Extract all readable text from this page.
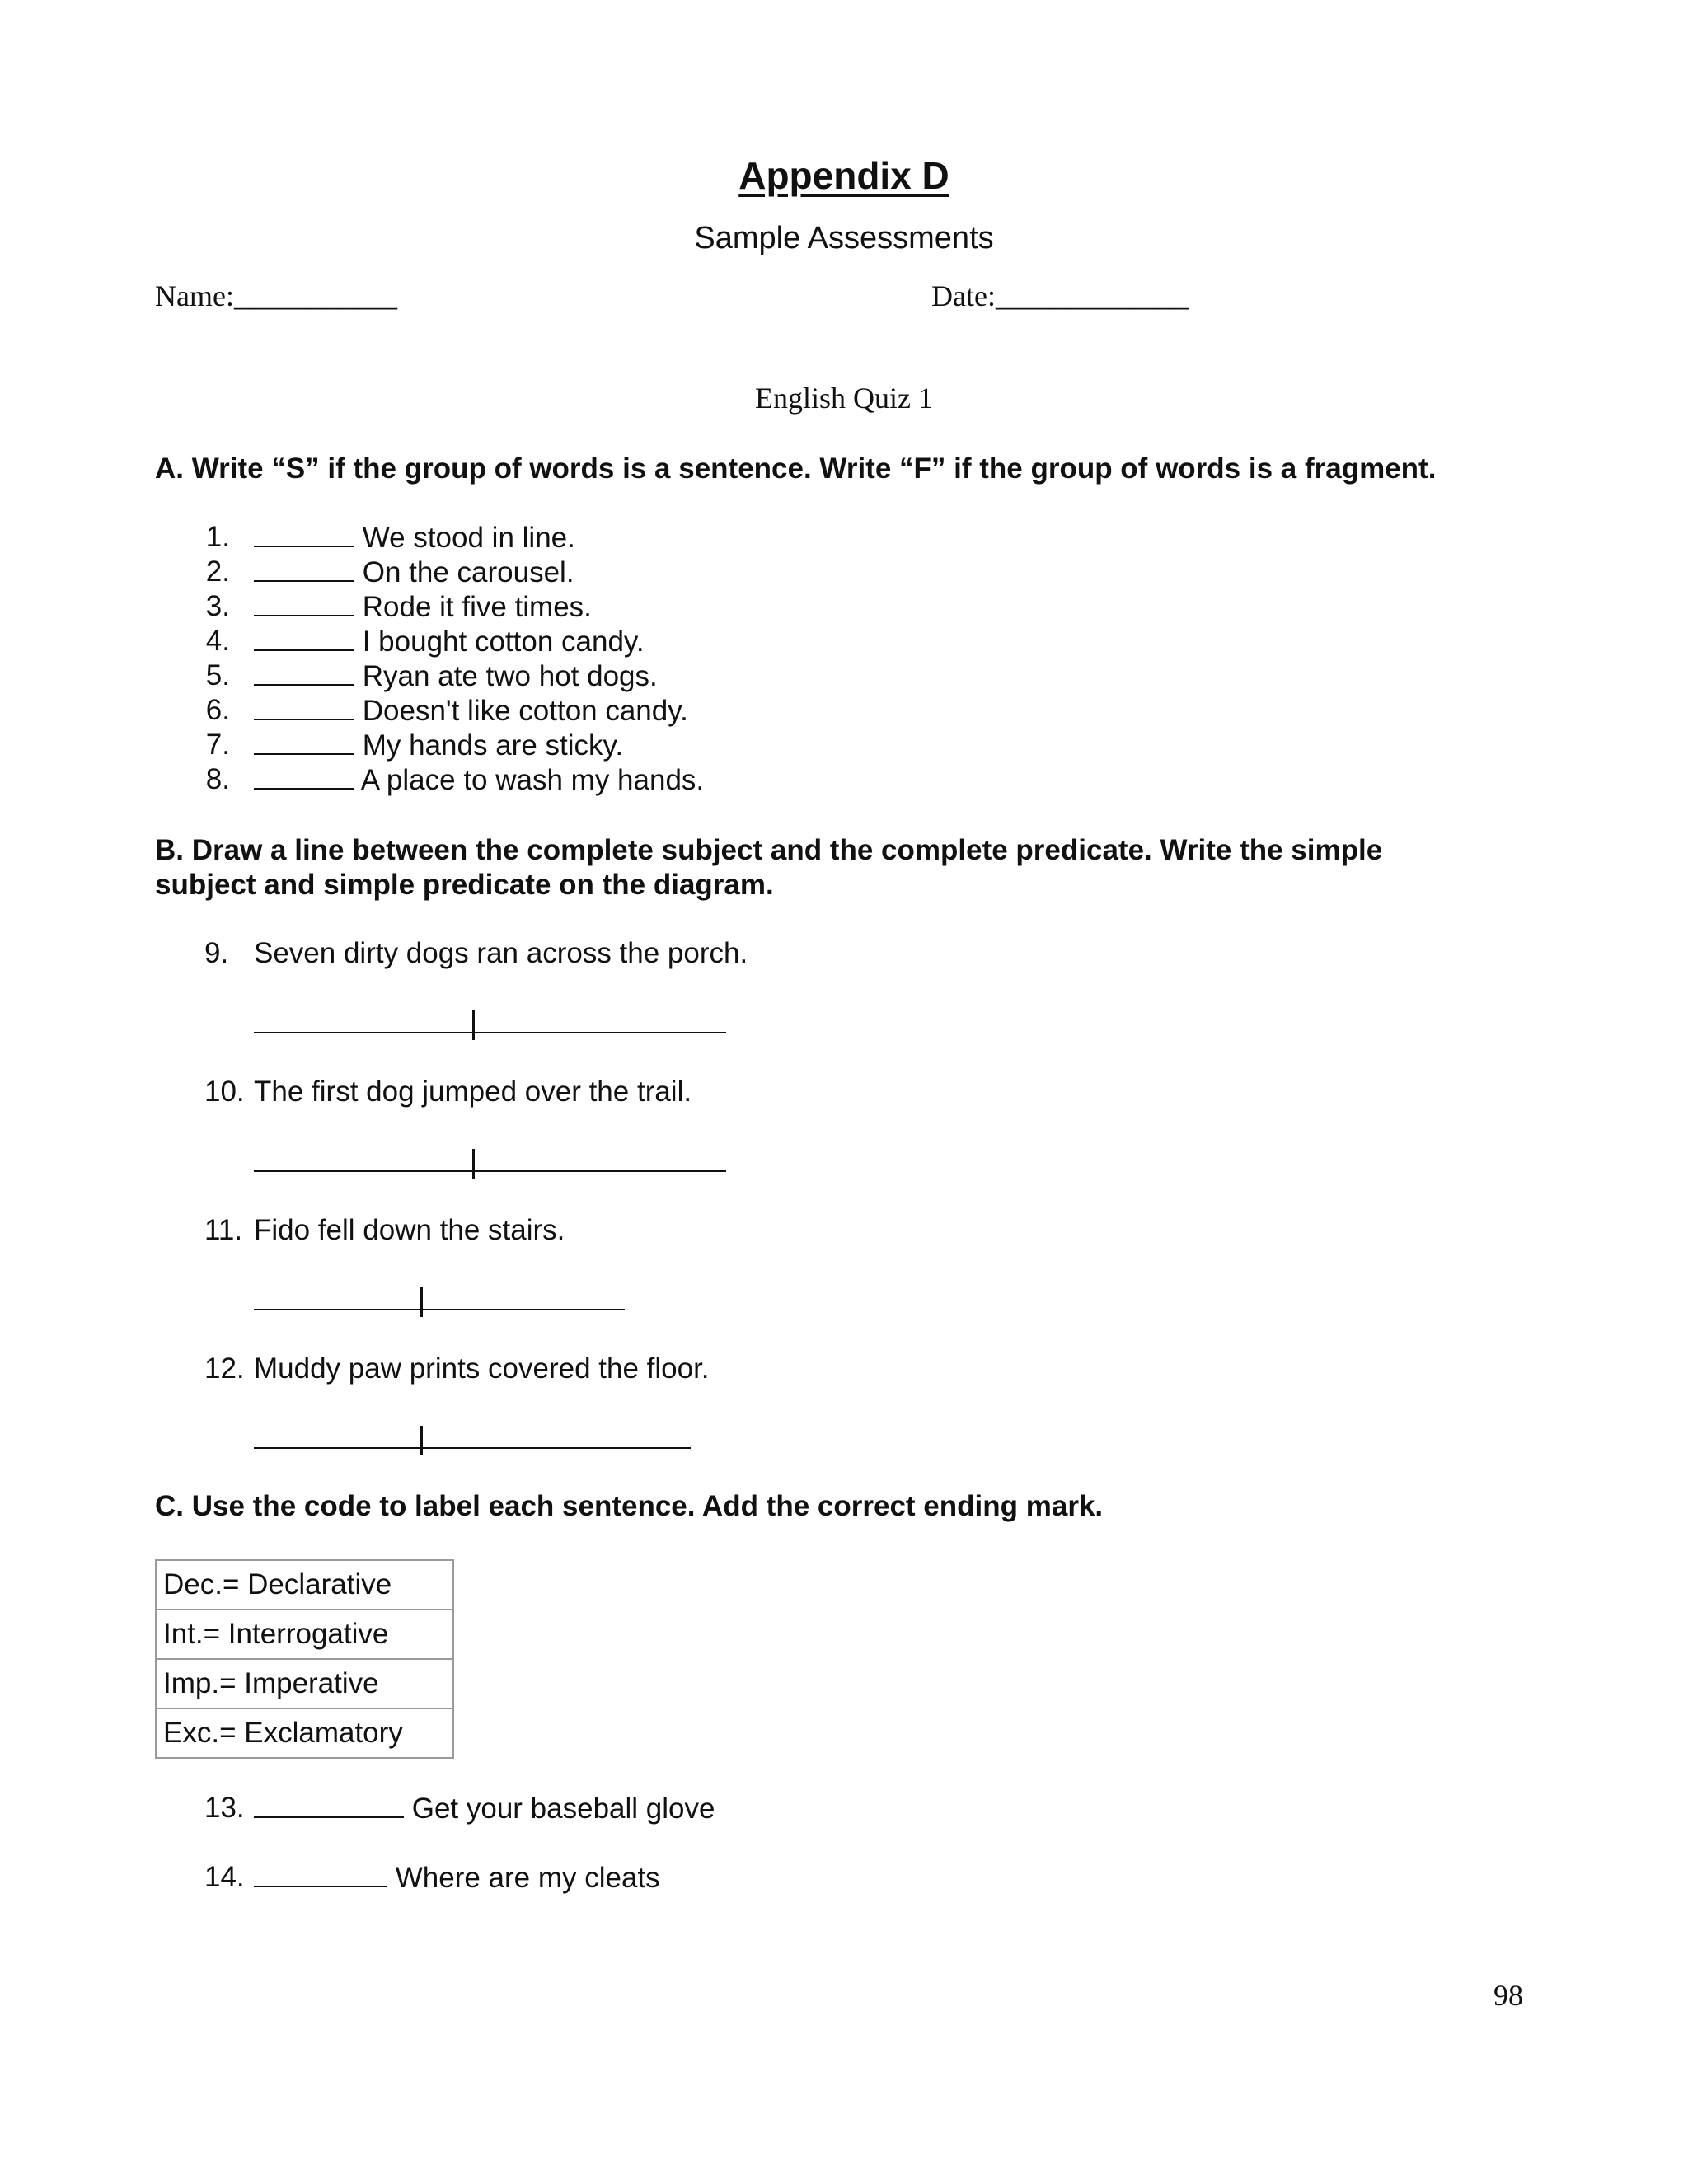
Appendix D
Sample Assessments
Name:___________	Date:_____________
English Quiz 1
A. Write “S” if the group of words is a sentence. Write “F” if the group of words is a fragment.
1.	We stood in line.
2.	On the carousel.
3.	Rode it five times.
4.	I bought cotton candy.
5.	Ryan ate two hot dogs.
6.	Doesn't like cotton candy.
7.	My hands are sticky.
8.	A place to wash my hands.
B. Draw a line between the complete subject and the complete predicate. Write the simple
subject and simple predicate on the diagram.
9. Seven dirty dogs ran across the porch.
10. The first dog jumped over the trail.
11. Fido fell down the stairs.
12. Muddy paw prints covered the floor.
C. Use the code to label each sentence. Add the correct ending mark.
Dec.= Declarative
Int.= Interrogative
Imp.= Imperative
Exc.= Exclamatory
13.	Get your baseball glove
14.	Where are my cleats
98
